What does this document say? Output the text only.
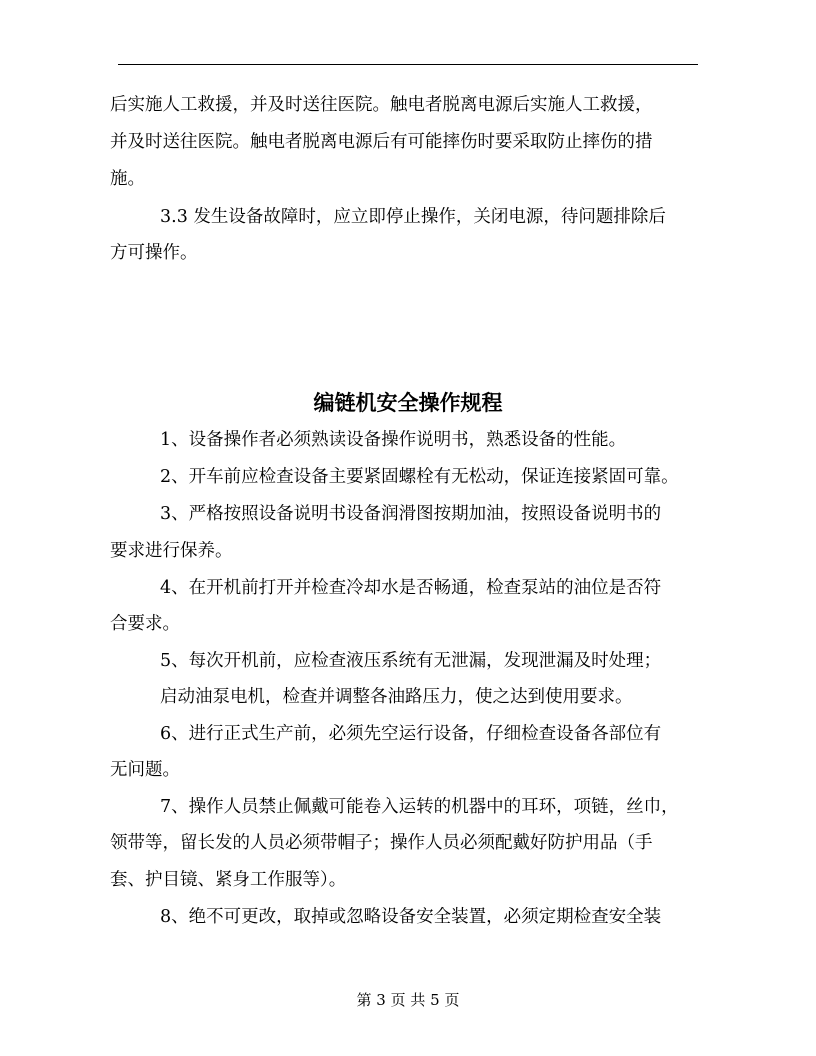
后实施人工救援，并及时送往医院。触电者脱离电源后实施人工救援，
并及时送往医院。触电者脱离电源后有可能摔伤时要采取防止摔伤的措
施。
3.3 发生设备故障时，应立即停止操作，关闭电源，待问题排除后
方可操作。
编链机安全操作规程
1、设备操作者必须熟读设备操作说明书，熟悉设备的性能。
2、开车前应检查设备主要紧固螺栓有无松动，保证连接紧固可靠。
3、严格按照设备说明书设备润滑图按期加油，按照设备说明书的
要求进行保养。
4、在开机前打开并检查冷却水是否畅通，检查泵站的油位是否符
合要求。
5、每次开机前，应检查液压系统有无泄漏，发现泄漏及时处理；
启动油泵电机，检查并调整各油路压力，使之达到使用要求。
6、进行正式生产前，必须先空运行设备，仔细检查设备各部位有
无问题。
7、操作人员禁止佩戴可能卷入运转的机器中的耳环，项链，丝巾，
领带等，留长发的人员必须带帽子；操作人员必须配戴好防护用品（手
套、护目镜、紧身工作服等）。
8、绝不可更改，取掉或忽略设备安全装置，必须定期检查安全装
第 3 页 共 5 页
